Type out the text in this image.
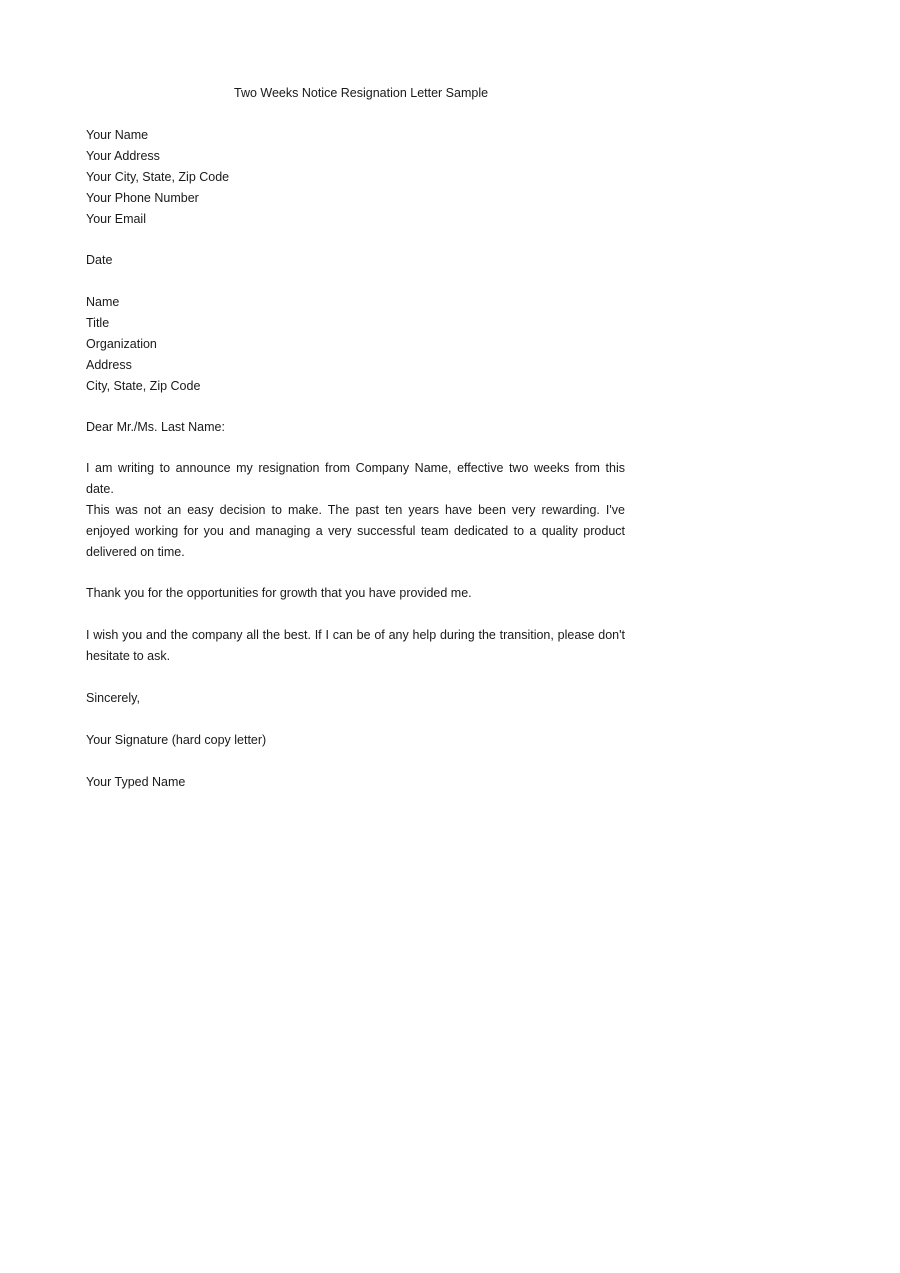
Two Weeks Notice Resignation Letter Sample
Your Name
Your Address
Your City, State, Zip Code
Your Phone Number
Your Email
Date
Name
Title
Organization
Address
City, State, Zip Code
Dear Mr./Ms. Last Name:
I am writing to announce my resignation from Company Name, effective two weeks from this date.
This was not an easy decision to make. The past ten years have been very rewarding. I've enjoyed working for you and managing a very successful team dedicated to a quality product delivered on time.
Thank you for the opportunities for growth that you have provided me.
I wish you and the company all the best. If I can be of any help during the transition, please don't hesitate to ask.
Sincerely,
Your Signature (hard copy letter)
Your Typed Name
